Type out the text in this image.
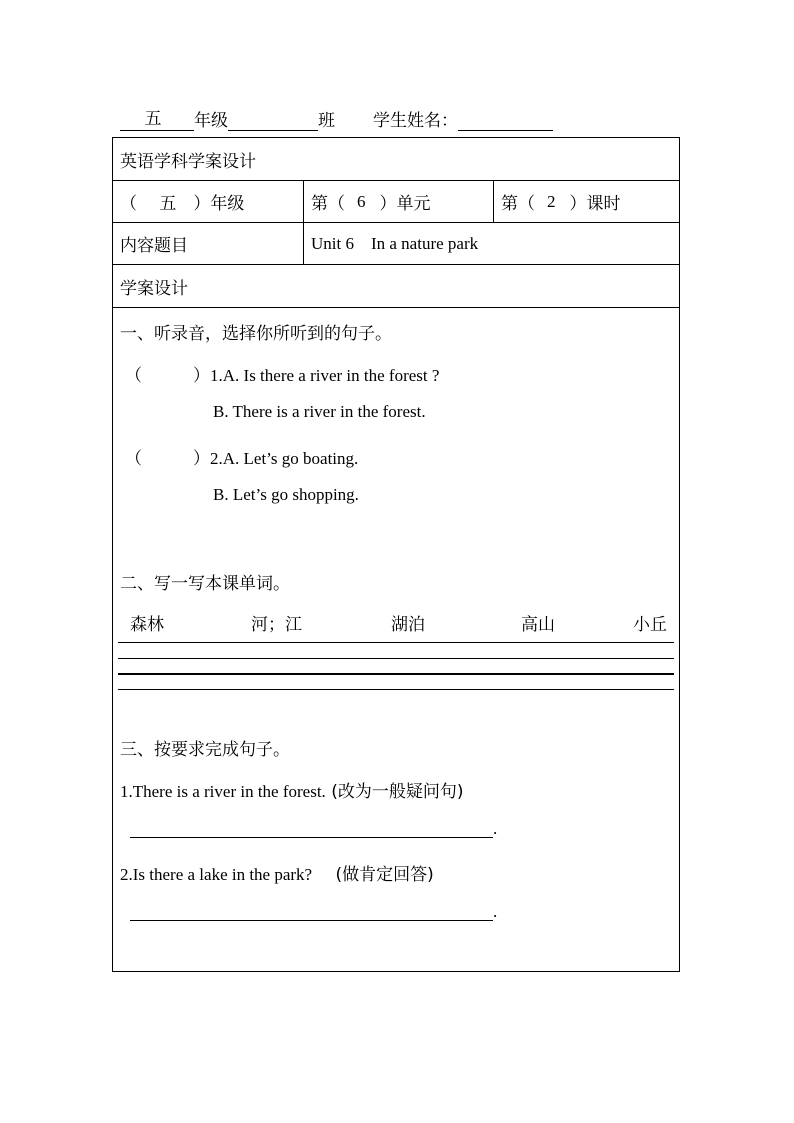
五 年级	班 学生姓名：
英语学科学案设计
（　 五　）年级	第（ 6 ）单元	第（ 2 ）课时
内容题目	Unit 6    In a nature park
学案设计
一、听录音，选择你所听到的句子。
（　　　）1.A. Is there a river in the forest ?
B. There is a river in the forest.
（　　　）2.A. Let’s go boating.
B. Let’s go shopping.
二、写一写本课单词。
森林	河；江	湖泊	高山	小丘
三、按要求完成句子。
1.There is a river in the forest. (改为一般疑问句)
.
2.Is there a lake in the park? (做肯定回答)
.
